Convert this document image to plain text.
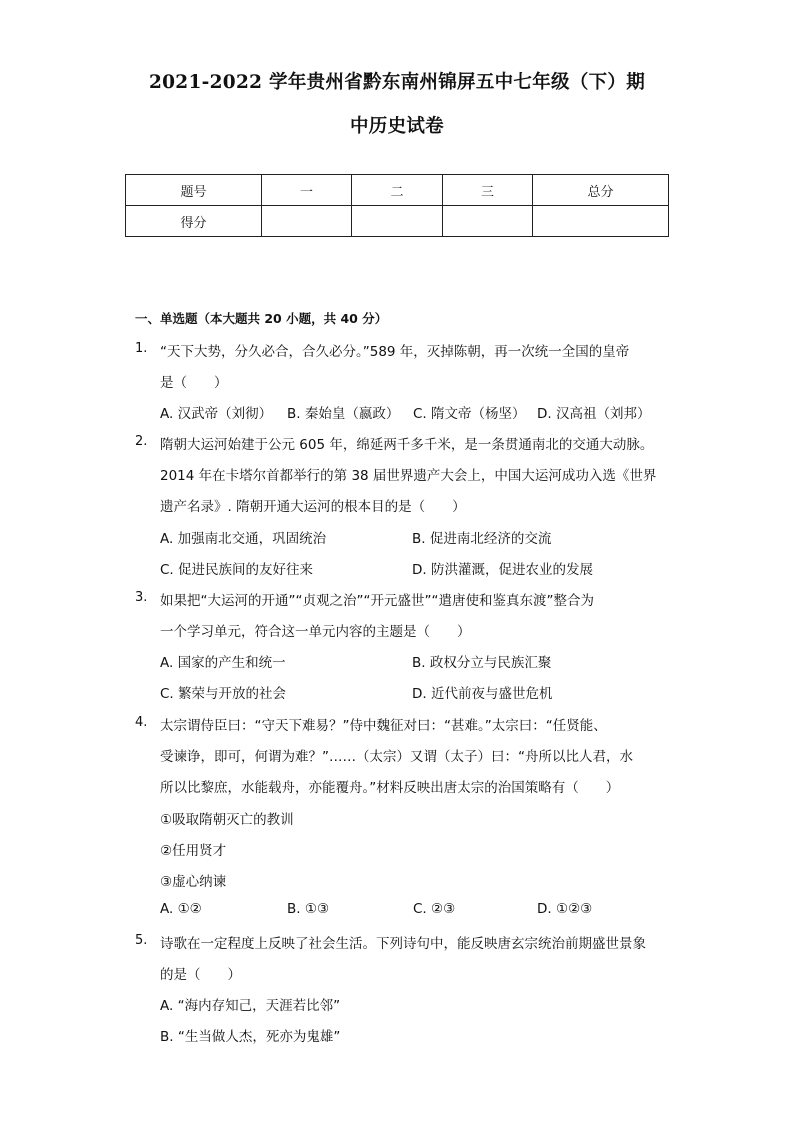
2021-2022 学年贵州省黔东南州锦屏五中七年级（下）期
中历史试卷
题号	一	二	三	总分
得分				
一、单选题（本大题共 20 小题，共 40 分）
1. “天下大势，分久必合，合久必分。”589 年，灭掉陈朝，再一次统一全国的皇帝
是（　　）
A. 汉武帝（刘彻） B. 秦始皇（嬴政） C. 隋文帝（杨坚） D. 汉高祖（刘邦）
2. 隋朝大运河始建于公元 605 年，绵延两千多千米，是一条贯通南北的交通大动脉。
2014 年在卡塔尔首都举行的第 38 届世界遗产大会上，中国大运河成功入选《世界
遗产名录》. 隋朝开通大运河的根本目的是（　　）
A. 加强南北交通，巩固统治	B. 促进南北经济的交流
C. 促进民族间的友好往来	D. 防洪灌溉，促进农业的发展
3. 如果把“大运河的开通”“贞观之治”“开元盛世”“遣唐使和鉴真东渡”整合为
一个学习单元，符合这一单元内容的主题是（　　）
A. 国家的产生和统一	B. 政权分立与民族汇聚
C. 繁荣与开放的社会	D. 近代前夜与盛世危机
4. 太宗谓侍臣曰：“守天下难易？”侍中魏征对曰：“甚难。”太宗曰：“任贤能、
受谏诤，即可，何谓为难？”……（太宗）又谓（太子）曰：“舟所以比人君，水
所以比黎庶，水能载舟，亦能覆舟。”材料反映出唐太宗的治国策略有（　　）
①吸取隋朝灭亡的教训
②任用贤才
③虚心纳谏
A. ①②	B. ①③	C. ②③	D. ①②③
5. 诗歌在一定程度上反映了社会生活。下列诗句中，能反映唐玄宗统治前期盛世景象
的是（　　）
A. “海内存知己，天涯若比邻”
B. “生当做人杰，死亦为鬼雄”
